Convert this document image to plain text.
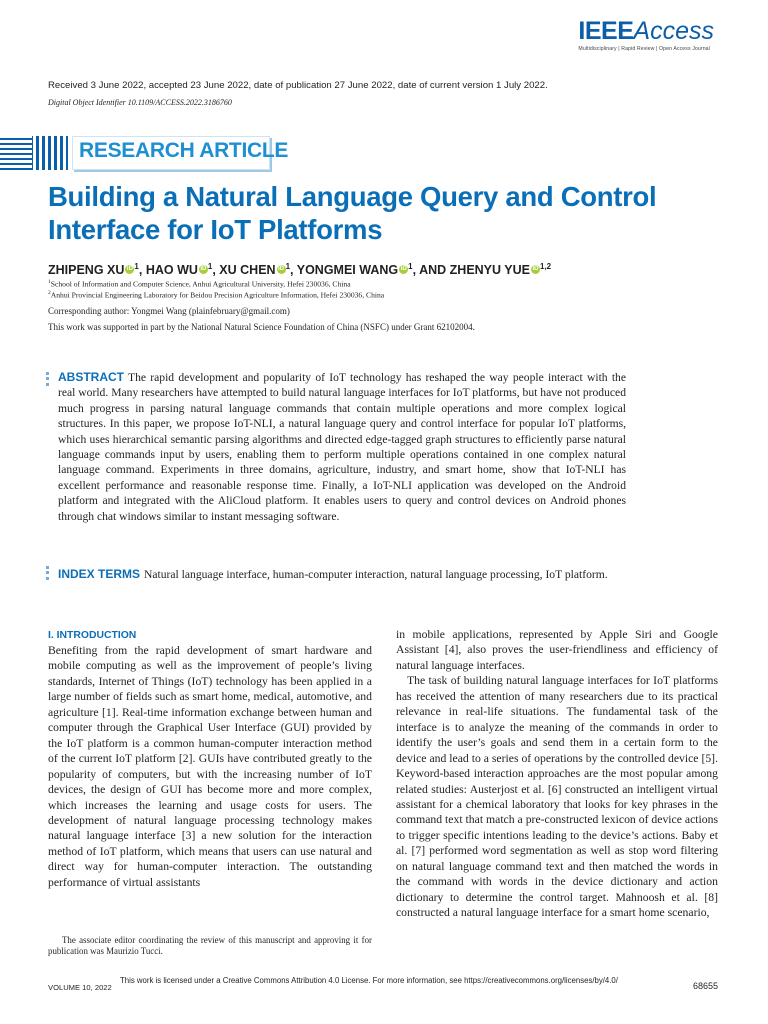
IEEEAccess
Multidisciplinary | Rapid Review | Open Access Journal
Received 3 June 2022, accepted 23 June 2022, date of publication 27 June 2022, date of current version 1 July 2022.
Digital Object Identifier 10.1109/ACCESS.2022.3186760
RESEARCH ARTICLE
Building a Natural Language Query and Control Interface for IoT Platforms
ZHIPENG XU iD $^1$, HAO WU iD $^1$, XU CHEN iD $^1$, YONGMEI WANG iD $^1$, AND ZHENYU YUE iD $^{1,2}$
$^1$School of Information and Computer Science, Anhui Agricultural University, Hefei 230036, China
$^2$Anhui Provincial Engineering Laboratory for Beidou Precision Agriculture Information, Hefei 230036, China
Corresponding author: Yongmei Wang (plainfebruary@gmail.com)
This work was supported in part by the National Natural Science Foundation of China (NSFC) under Grant 62102004.
ABSTRACT The rapid development and popularity of IoT technology has reshaped the way people interact with the real world. Many researchers have attempted to build natural language interfaces for IoT platforms, but have not produced much progress in parsing natural language commands that contain multiple operations and more complex logical structures. In this paper, we propose IoT-NLI, a natural language query and control interface for popular IoT platforms, which uses hierarchical semantic parsing algorithms and directed edge-tagged graph structures to efficiently parse natural language commands input by users, enabling them to perform multiple operations contained in one complex natural language command. Experiments in three domains, agriculture, industry, and smart home, show that IoT-NLI has excellent performance and reasonable response time. Finally, a IoT-NLI application was developed on the Android platform and integrated with the AliCloud platform. It enables users to query and control devices on Android phones through chat windows similar to instant messaging software.
INDEX TERMS Natural language interface, human-computer interaction, natural language processing, IoT platform.
I. INTRODUCTION

Benefiting from the rapid development of smart hardware and mobile computing as well as the improvement of people’s living standards, Internet of Things (IoT) technology has been applied in a large number of fields such as smart home, medical, automotive, and agriculture [1]. Real-time information exchange between human and computer through the Graphical User Interface (GUI) provided by the IoT platform is a common human-computer interaction method of the current IoT platform [2]. GUIs have contributed greatly to the popularity of computers, but with the increasing number of IoT devices, the design of GUI has become more and more complex, which increases the learning and usage costs for users. The development of natural language processing technology makes natural language interface [3] a new solution for the interaction method of IoT platform, which means that users can use natural and direct way for human-computer interaction. The outstanding performance of virtual assistants

in mobile applications, represented by Apple Siri and Google Assistant [4], also proves the user-friendliness and efficiency of natural language interfaces.

The task of building natural language interfaces for IoT platforms has received the attention of many researchers due to its practical relevance in real-life situations. The fundamental task of the interface is to analyze the meaning of the commands in order to identify the user’s goals and send them in a certain form to the device and lead to a series of operations by the controlled device [5]. Keyword-based interaction approaches are the most popular among related studies: Austerjost et al. [6] constructed an intelligent virtual assistant for a chemical laboratory that looks for key phrases in the command text that match a pre-constructed lexicon of device actions to trigger specific intentions leading to the device’s actions. Baby et al. [7] performed word segmentation as well as stop word filtering on natural language command text and then matched the words in the command with words in the device dictionary and action dictionary to determine the control target. Mahnoosh et al. [8] constructed a natural language interface for a smart home scenario,

The associate editor coordinating the review of this manuscript and approving it for publication was Maurizio Tucci.
VOLUME 10, 2022
This work is licensed under a Creative Commons Attribution 4.0 License. For more information, see https://creativecommons.org/licenses/by/4.0/
68655
